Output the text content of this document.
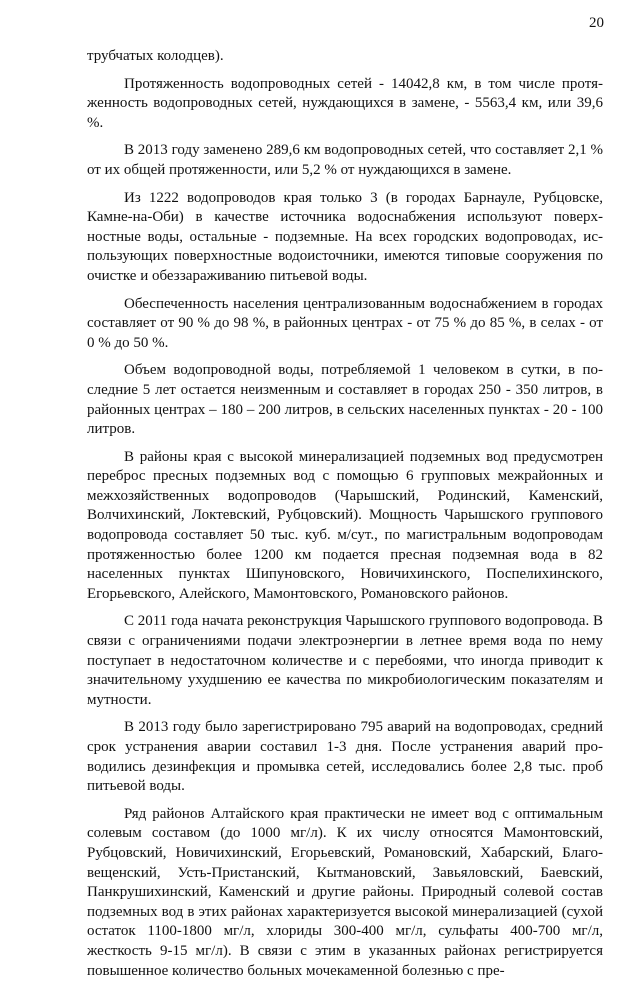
20

трубчатых колодцев).

Протяженность водопроводных сетей - 14042,8 км, в том числе протяженность водопроводных сетей, нуждающихся в замене, - 5563,4 км, или 39,6 %.

В 2013 году заменено 289,6 км водопроводных сетей, что составляет 2,1 % от их общей протяженности, или 5,2 % от нуждающихся в замене.

Из 1222 водопроводов края только 3 (в городах Барнауле, Рубцовске, Камне-на-Оби) в качестве источника водоснабжения используют поверхностные воды, остальные - подземные. На всех городских водопроводах, использующих поверхностные водоисточники, имеются типовые сооружения по очистке и обеззараживанию питьевой воды.

Обеспеченность населения централизованным водоснабжением в городах составляет от 90 % до 98 %, в районных центрах - от 75 % до 85 %, в селах - от 0 % до 50 %.

Объем водопроводной воды, потребляемой 1 человеком в сутки, в последние 5 лет остается неизменным и составляет в городах 250 - 350 литров, в районных центрах – 180 – 200 литров, в сельских населенных пунктах - 20 - 100 литров.

В районы края с высокой минерализацией подземных вод предусмотрен переброс пресных подземных вод с помощью 6 групповых межрайонных и межхозяйственных водопроводов (Чарышский, Родинский, Каменский, Волчихинский, Локтевский, Рубцовский). Мощность Чарышского группового водопровода составляет 50 тыс. куб. м/сут., по магистральным водопроводам протяженностью более 1200 км подается пресная подземная вода в 82 населенных пунктах Шипуновского, Новичихинского, Поспелихинского, Егорьевского, Алейского, Мамонтовского, Романовского районов.

С 2011 года начата реконструкция Чарышского группового водопровода. В связи с ограничениями подачи электроэнергии в летнее время вода по нему поступает в недостаточном количестве и с перебоями, что иногда приводит к значительному ухудшению ее качества по микробиологическим показателям и мутности.

В 2013 году было зарегистрировано 795 аварий на водопроводах, средний срок устранения аварии составил 1-3 дня. После устранения аварий проводились дезинфекция и промывка сетей, исследовались более 2,8 тыс. проб питьевой воды.

Ряд районов Алтайского края практически не имеет вод с оптимальным солевым составом (до 1000 мг/л). К их числу относятся Мамонтовский, Рубцовский, Новичихинский, Егорьевский, Романовский, Хабарский, Благовещенский, Усть-Пристанский, Кытмановский, Завьяловский, Баевский, Панкрушихинский, Каменский и другие районы. Природный солевой состав подземных вод в этих районах характеризуется высокой минерализацией (сухой остаток 1100-1800 мг/л, хлориды 300-400 мг/л, сульфаты 400-700 мг/л, жесткость 9-15 мг/л). В связи с этим в указанных районах регистрируется повышенное количество больных мочекаменной болезнью с пре-
